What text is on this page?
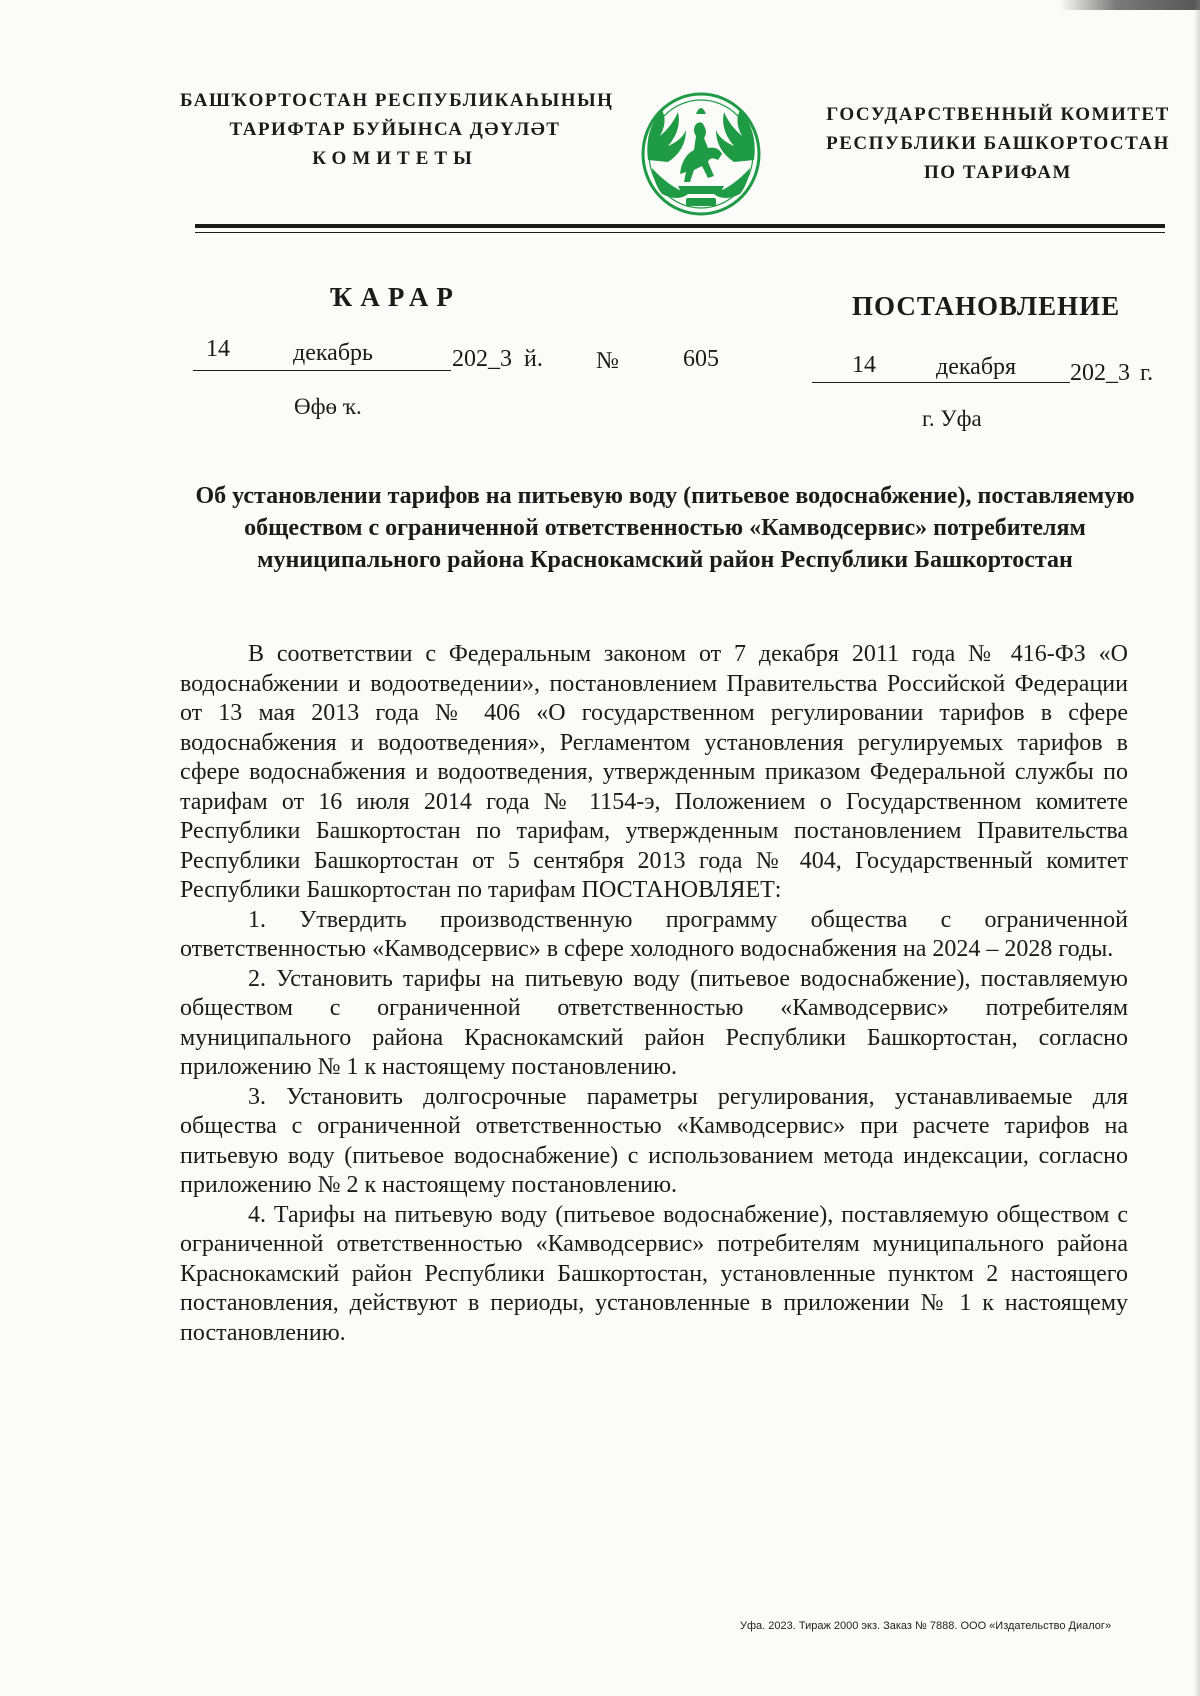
БАШҠОРТОСТАН РЕСПУБЛИКАҺЫНЫҢ
ТАРИФТАР БУЙЫНСА ДӘҮЛӘТ
КОМИТЕТЫ
ГОСУДАРСТВЕННЫЙ КОМИТЕТ
РЕСПУБЛИКИ БАШКОРТОСТАН
ПО ТАРИФАМ
ҠАРАР	ПОСТАНОВЛЕНИЕ
14	декабрь	202_3 й. №	605	14	декабря 202_3 г.
Өфө ҡ.	г. Уфа
Об установлении тарифов на питьевую воду (питьевое водоснабжение), поставляемую обществом с ограниченной ответственностью «Камводсервис» потребителям муниципального района Краснокамский район Республики Башкортостан

В соответствии с Федеральным законом от 7 декабря 2011 года № 416-ФЗ «О водоснабжении и водоотведении», постановлением Правительства Российской Федерации от 13 мая 2013 года № 406 «О государственном регулировании тарифов в сфере водоснабжения и водоотведения», Регламентом установления регулируемых тарифов в сфере водоснабжения и водоотведения, утвержденным приказом Федеральной службы по тарифам от 16 июля 2014 года № 1154-э, Положением о Государственном комитете Республики Башкортостан по тарифам, утвержденным постановлением Правительства Республики Башкортостан от 5 сентября 2013 года № 404, Государственный комитет Республики Башкортостан по тарифам ПОСТАНОВЛЯЕТ:

1. Утвердить производственную программу общества с ограниченной ответственностью «Камводсервис» в сфере холодного водоснабжения на 2024 – 2028 годы.

2. Установить тарифы на питьевую воду (питьевое водоснабжение), поставляемую обществом с ограниченной ответственностью «Камводсервис» потребителям муниципального района Краснокамский район Республики Башкортостан, согласно приложению № 1 к настоящему постановлению.

3. Установить долгосрочные параметры регулирования, устанавливаемые для общества с ограниченной ответственностью «Камводсервис» при расчете тарифов на питьевую воду (питьевое водоснабжение) с использованием метода индексации, согласно приложению № 2 к настоящему постановлению.

4. Тарифы на питьевую воду (питьевое водоснабжение), поставляемую обществом с ограниченной ответственностью «Камводсервис» потребителям муниципального района Краснокамский район Республики Башкортостан, установленные пунктом 2 настоящего постановления, действуют в периоды, установленные в приложении № 1 к настоящему постановлению.

Уфа. 2023. Тираж 2000 экз. Заказ № 7888. ООО «Издательство Диалог»
